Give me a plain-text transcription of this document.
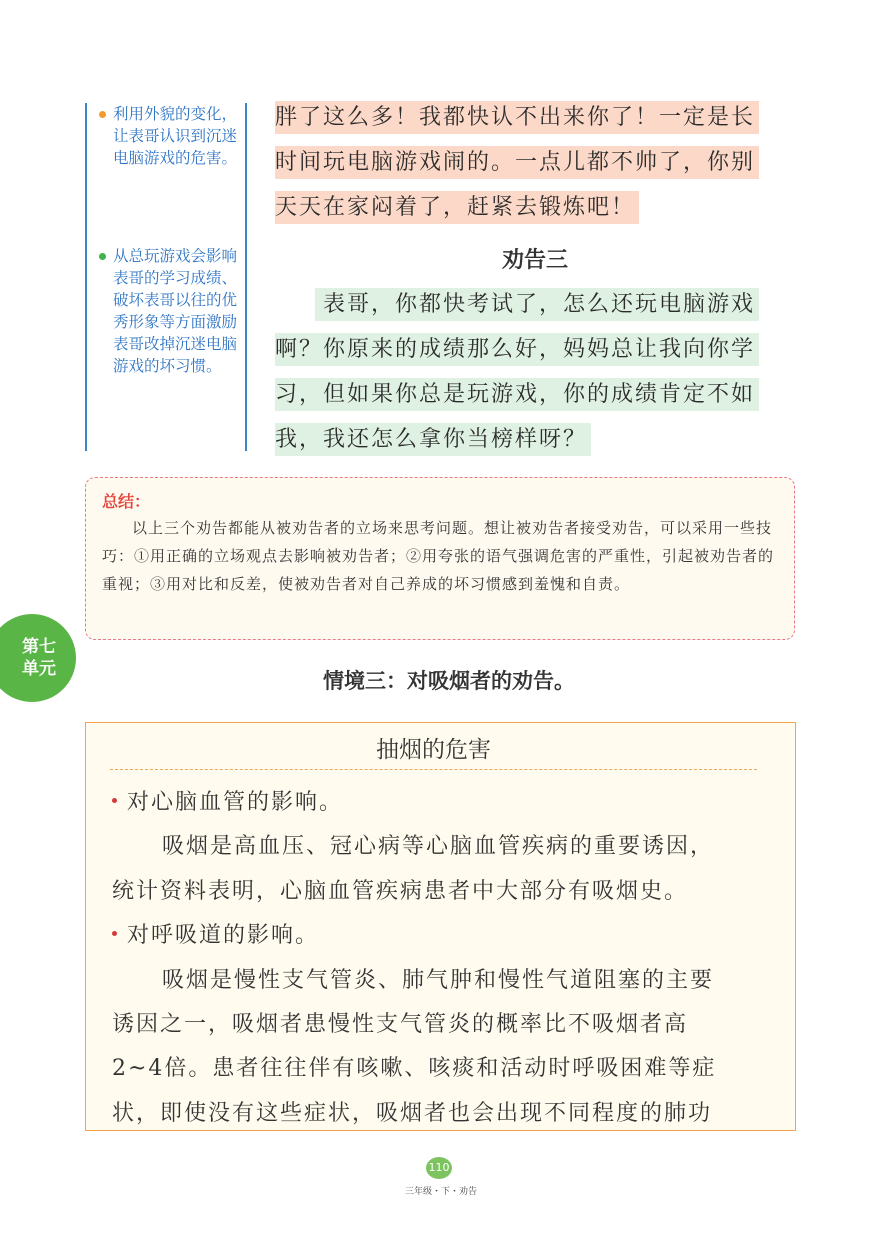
利用外貌的变化，让表哥认识到沉迷电脑游戏的危害。
从总玩游戏会影响表哥的学习成绩、破坏表哥以往的优秀形象等方面激励表哥改掉沉迷电脑游戏的坏习惯。
胖了这么多！我都快认不出来你了！一定是长
时间玩电脑游戏闹的。一点儿都不帅了，你别
天天在家闷着了，赶紧去锻炼吧！
劝告三
表哥，你都快考试了，怎么还玩电脑游戏
啊？你原来的成绩那么好，妈妈总让我向你学
习，但如果你总是玩游戏，你的成绩肯定不如
我，我还怎么拿你当榜样呀？
总结：
以上三个劝告都能从被劝告者的立场来思考问题。想让被劝告者接受劝告，可以采用一些技巧：①用正确的立场观点去影响被劝告者；②用夸张的语气强调危害的严重性，引起被劝告者的重视；③用对比和反差，使被劝告者对自己养成的坏习惯感到羞愧和自责。
第七
单元	情境三：对吸烟者的劝告。
抽烟的危害
对心脑血管的影响。
吸烟是高血压、冠心病等心脑血管疾病的重要诱因，
统计资料表明，心脑血管疾病患者中大部分有吸烟史。
对呼吸道的影响。
吸烟是慢性支气管炎、肺气肿和慢性气道阻塞的主要
诱因之一，吸烟者患慢性支气管炎的概率比不吸烟者高
2~4倍。患者往往伴有咳嗽、咳痰和活动时呼吸困难等症
状，即使没有这些症状，吸烟者也会出现不同程度的肺功
110
三年级・下・劝告
